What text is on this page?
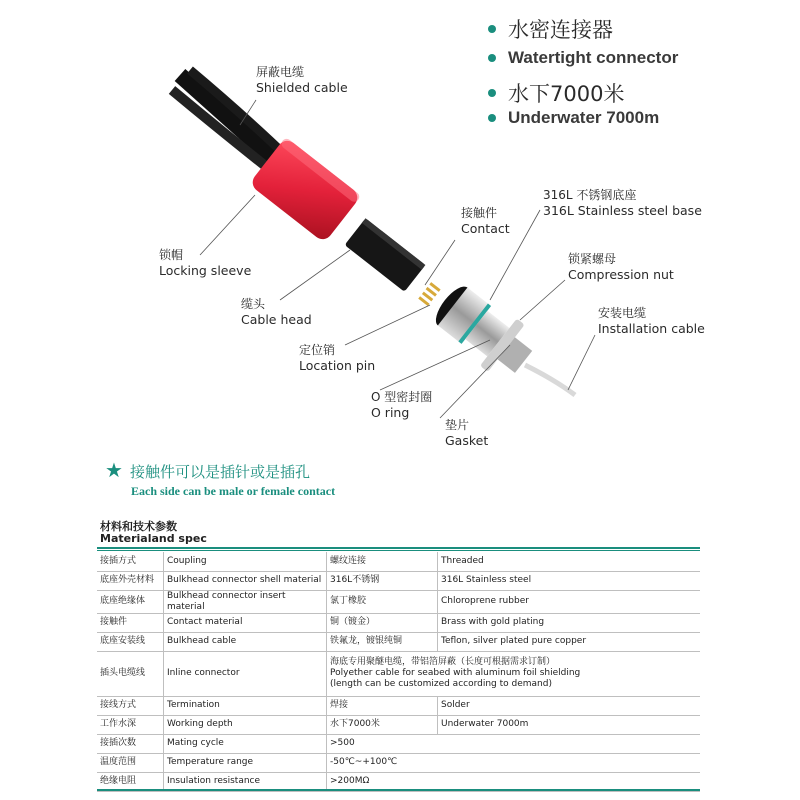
水密连接器
Watertight connector
水下7000米
Underwater 7000m
屏蔽电缆
Shielded cable
锁帽
Locking sleeve
缆头
Cable head
接触件
Contact
定位销
Location pin
O 型密封圈
O ring
垫片
Gasket
316L 不锈钢底座
316L Stainless steel base
锁紧螺母
Compression nut
安装电缆
Installation cable
★ 接触件可以是插针或是插孔
Each side can be male or female contact
材料和技术参数
Materialand spec
接插方式	Coupling	螺纹连接	Threaded
底座外壳材料	Bulkhead connector shell material	316L不锈钢	316L Stainless steel
底座绝缘体	Bulkhead connector insert material	氯丁橡胶	Chloroprene rubber
接触件	Contact material	铜（镀金）	Brass with gold plating
底座安装线	Bulkhead cable	铁氟龙，镀银纯铜	Teflon, silver plated pure copper
插头电缆线	Inline connector	海底专用聚醚电缆，带铝箔屏蔽（长度可根据需求订制）
Polyether cable for seabed with aluminum foil shielding
(length can be customized according to demand)	

接线方式	Termination	焊接	Solder
工作水深	Working depth	水下7000米	Underwater 7000m
接插次数	Mating cycle	>500	
温度范围	Temperature range	-50℃~+100℃	
绝缘电阻	Insulation resistance	>200MΩ	
